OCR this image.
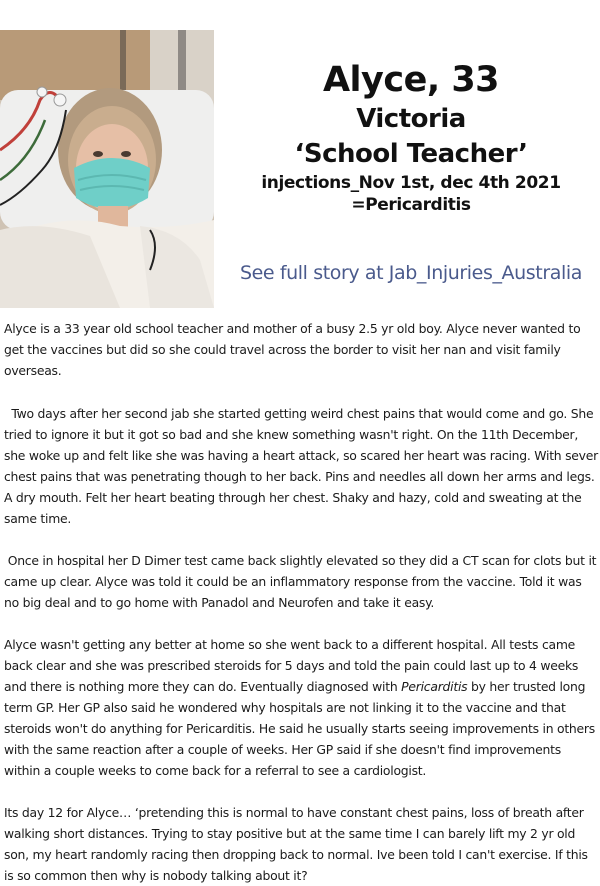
Alyce, 33
Victoria
‘School Teacher’
injections_Nov 1st, dec 4th 2021
=Pericarditis
See full story at Jab_Injuries_Australia

Alyce is a 33 year old school teacher and mother of a busy 2.5 yr old boy. Alyce never wanted to get the vaccines but did so she could travel across the border to visit her nan and visit family overseas.

Two days after her second jab she started getting weird chest pains that would come and go. She tried to ignore it but it got so bad and she knew something wasn't right. On the 11th December, she woke up and felt like she was having a heart attack, so scared her heart was racing. With sever chest pains that was penetrating though to her back. Pins and needles all down her arms and legs. A dry mouth. Felt her heart beating through her chest. Shaky and hazy, cold and sweating at the same time.

Once in hospital her D Dimer test came back slightly elevated so they did a CT scan for clots but it came up clear. Alyce was told it could be an inflammatory response from the vaccine. Told it was no big deal and to go home with Panadol and Neurofen and take it easy.

Alyce wasn't getting any better at home so she went back to a different hospital. All tests came back clear and she was prescribed steroids for 5 days and told the pain could last up to 4 weeks and there is nothing more they can do. Eventually diagnosed with Pericarditis by her trusted long term GP. Her GP also said he wondered why hospitals are not linking it to the vaccine and that steroids won't do anything for Pericarditis. He said he usually starts seeing improvements in others with the same reaction after a couple of weeks. Her GP said if she doesn't find improvements within a couple weeks to come back for a referral to see a cardiologist.

Its day 12 for Alyce… ‘pretending this is normal to have constant chest pains, loss of breath after walking short distances. Trying to stay positive but at the same time I can barely lift my 2 yr old son, my heart randomly racing then dropping back to normal. Ive been told I can't exercise. If this is so common then why is nobody talking about it?
